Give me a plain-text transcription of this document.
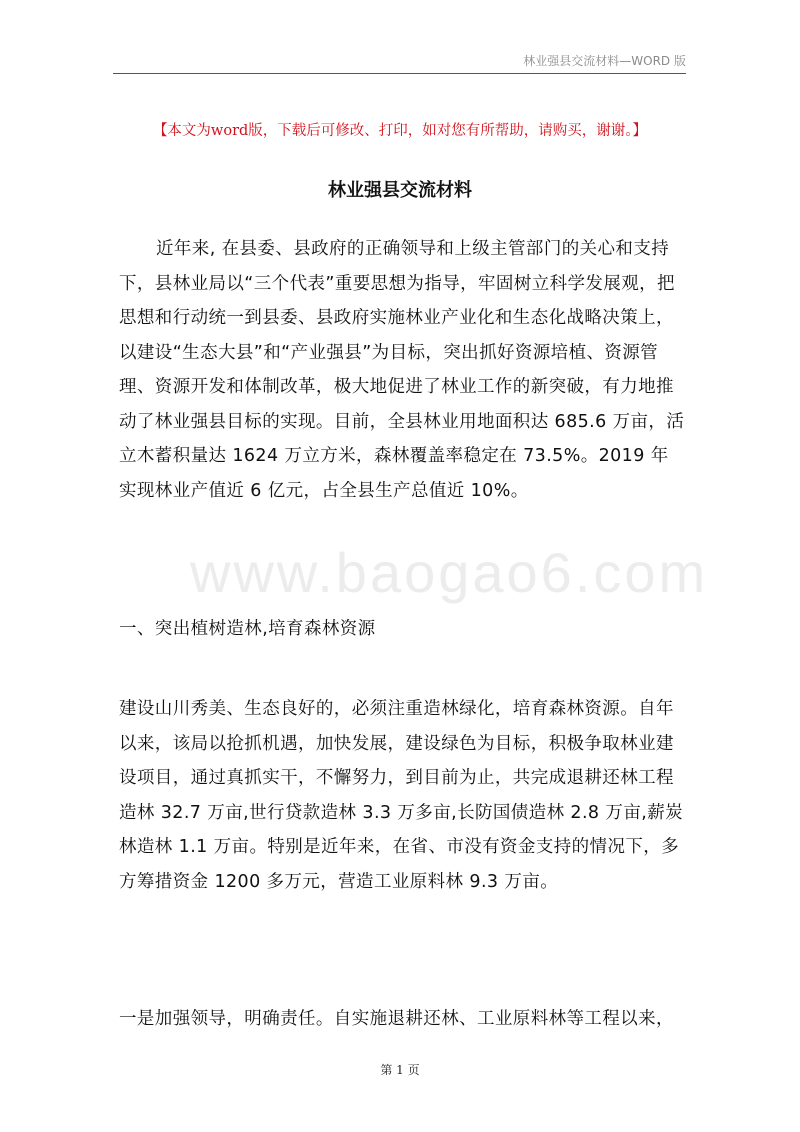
林业强县交流材料—WORD 版
【本文为word版，下载后可修改、打印，如对您有所帮助，请购买，谢谢。】
林业强县交流材料

近年来, 在县委、县政府的正确领导和上级主管部门的关心和支持下，县林业局以“三个代表”重要思想为指导，牢固树立科学发展观，把思想和行动统一到县委、县政府实施林业产业化和生态化战略决策上，以建设“生态大县”和“产业强县”为目标，突出抓好资源培植、资源管理、资源开发和体制改革，极大地促进了林业工作的新突破，有力地推动了林业强县目标的实现。目前，全县林业用地面积达 685.6 万亩，活立木蓄积量达 1624 万立方米，森林覆盖率稳定在 73.5%。2019 年实现林业产值近 6 亿元，占全县生产总值近 10%。

一、突出植树造林,培育森林资源

建设山川秀美、生态良好的，必须注重造林绿化，培育森林资源。自年以来，该局以抢抓机遇，加快发展，建设绿色为目标，积极争取林业建设项目，通过真抓实干，不懈努力，到目前为止，共完成退耕还林工程造林 32.7 万亩,世行贷款造林 3.3 万多亩,长防国债造林 2.8 万亩,薪炭林造林 1.1 万亩。特别是近年来，在省、市没有资金支持的情况下，多方筹措资金 1200 多万元，营造工业原料林 9.3 万亩。

一是加强领导，明确责任。自实施退耕还林、工业原料林等工程以来，

www.baogao6.com
第 1 页
